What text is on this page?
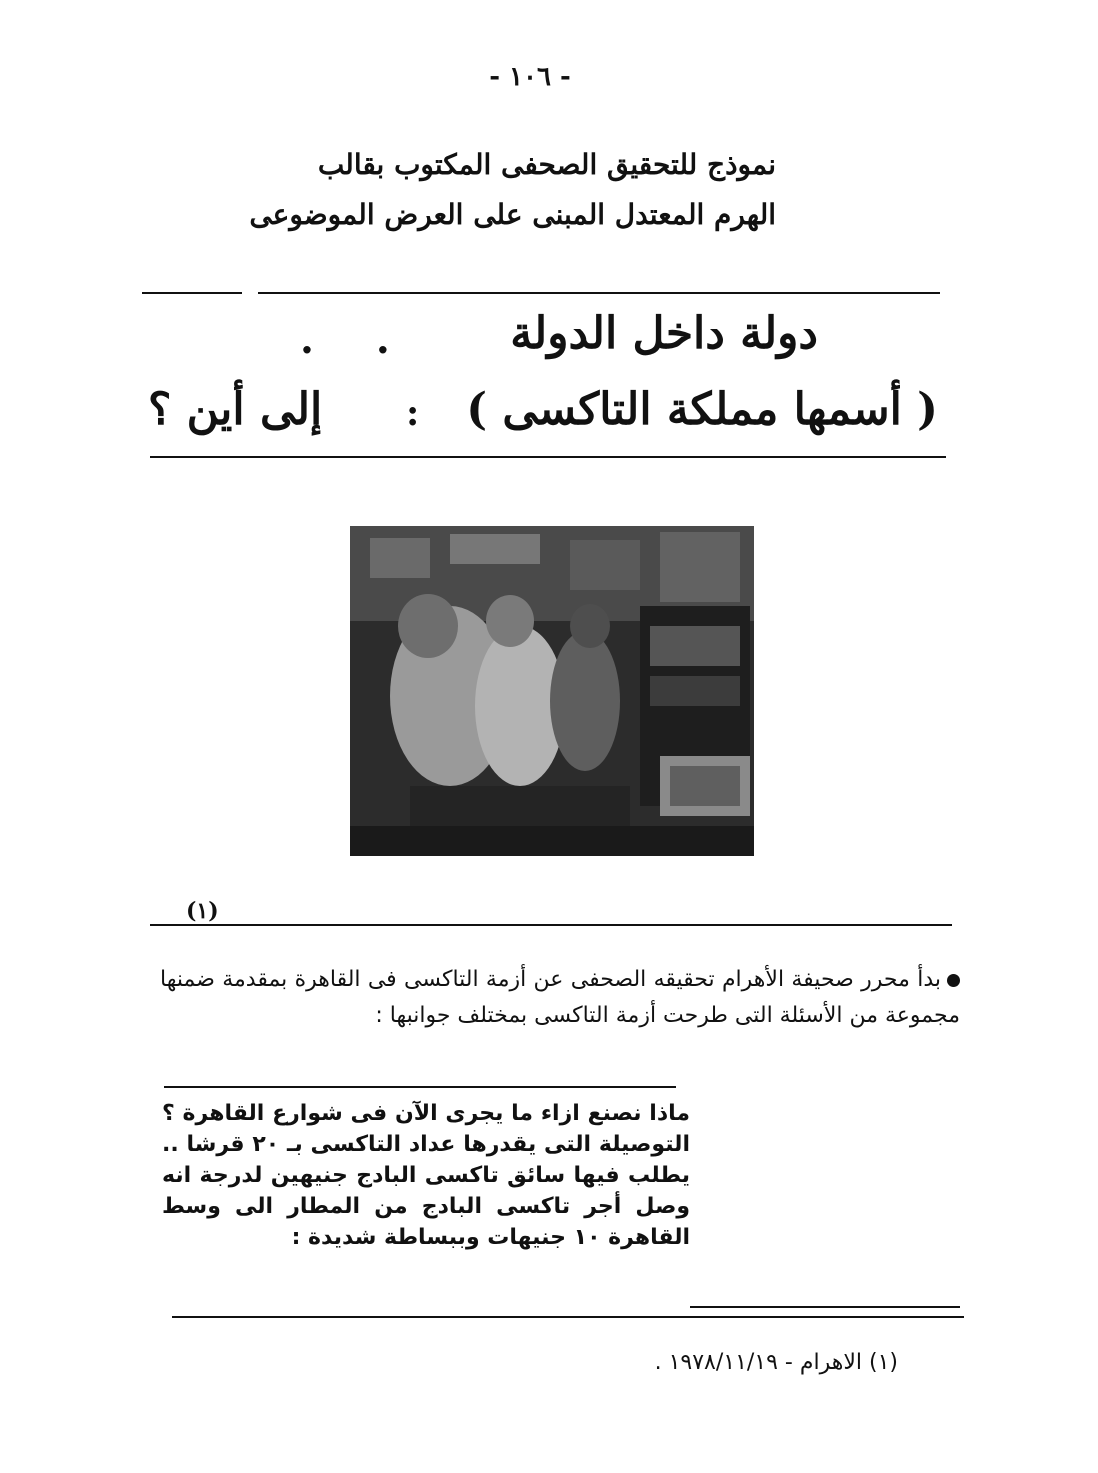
- ١٠٦ -
نموذج للتحقيق الصحفى المكتوب بقالب
الهرم المعتدل المبنى على العرض الموضوعى
دولة داخل الدولة
. .
( أسمها مملكة التاكسى )
:
إلى أين ؟
(١)
بدأ محرر صحيفة الأهرام تحقيقه الصحفى عن أزمة التاكسى فى القاهرة بمقدمة ضمنها مجموعة من الأسئلة التى طرحت أزمة التاكسى بمختلف جوانبها :
ماذا نصنع ازاء ما يجرى الآن فى شوارع القاهرة ؟ التوصيلة التى يقدرها عداد التاكسى بـ ٢٠ قرشا .. يطلب فيها سائق تاكسى البادج جنيهين لدرجة انه وصل أجر تاكسى البادج من المطار الى وسط القاهرة ١٠ جنيهات وببساطة شديدة :
(١) الاهرام - ١٩٧٨/١١/١٩ .
